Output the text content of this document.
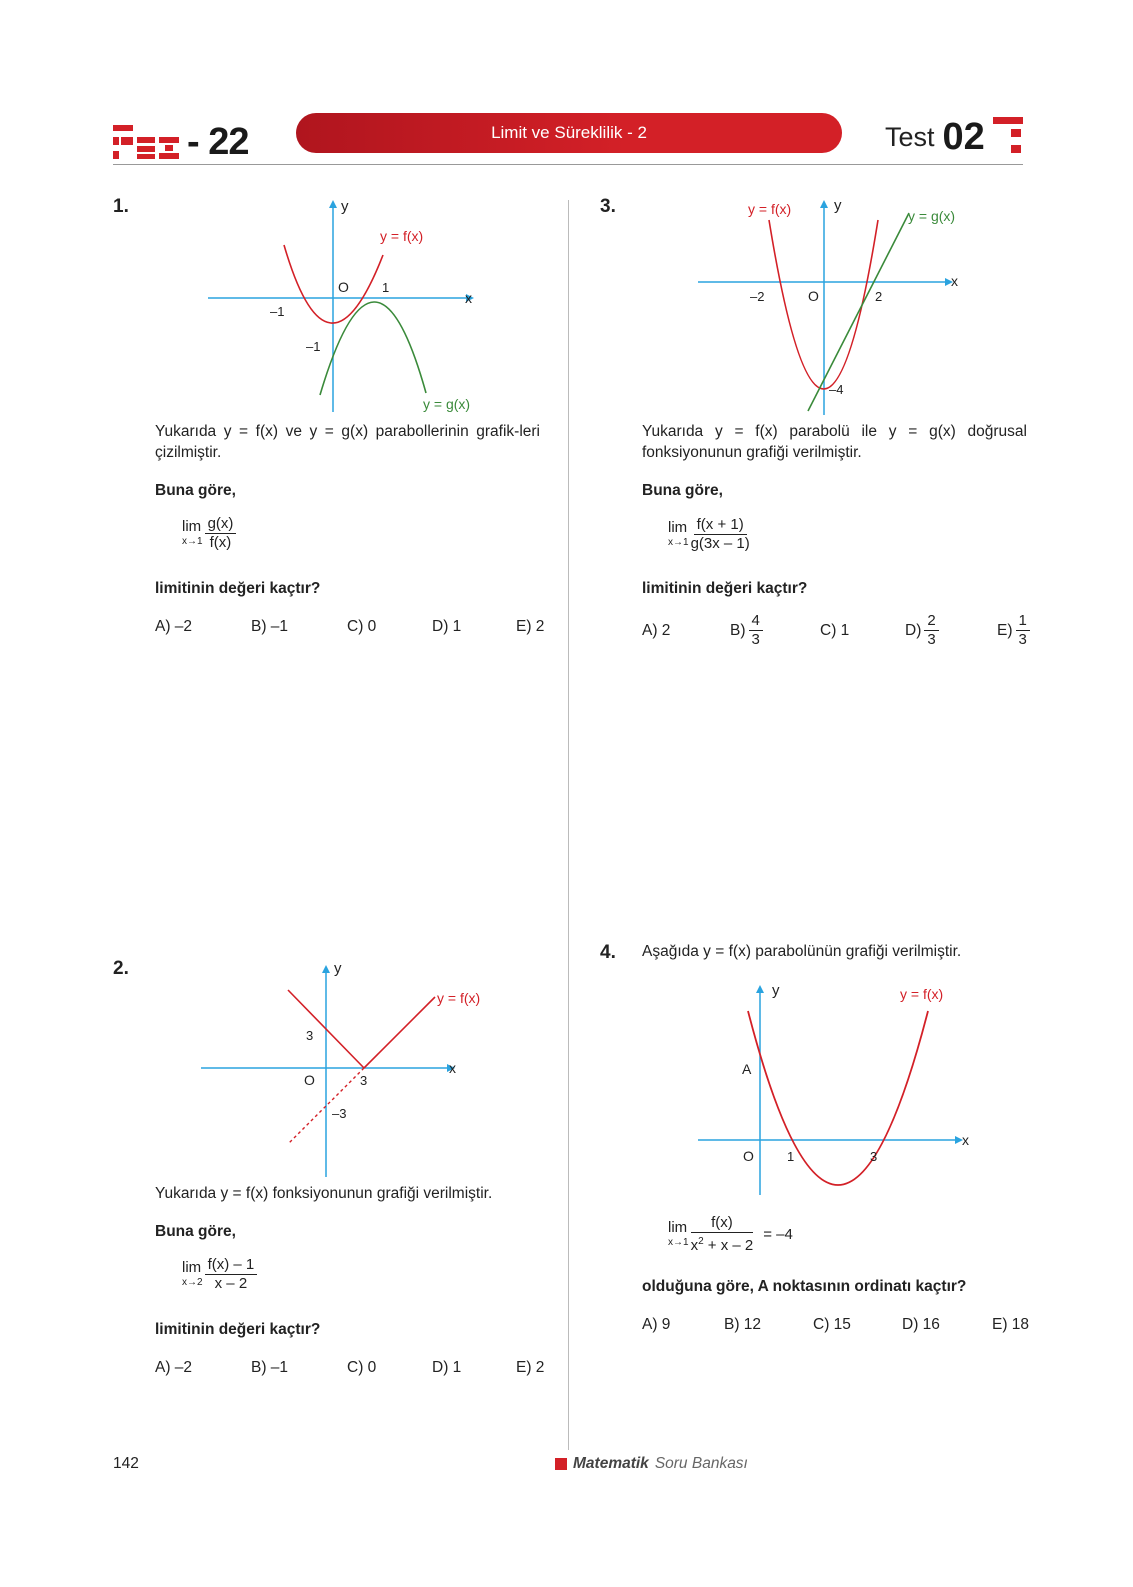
- 22	Limit ve Süreklilik - 2	Test 02
1.	y
x
O	1
–1
–1
y = f(x)
y = g(x)
Yukarıda y = f(x) ve y = g(x) parabollerinin grafik-leri çizilmiştir.
Buna göre,
lim
$x\to 1 \frac{g(x)}{f(x)}$
limitinin değeri kaçtır?
A) –2	B) –1	C) 0	D) 1	E) 2
2.	y
x
O	3
3
–3
y = f(x)
Yukarıda y = f(x) fonksiyonunun grafiği verilmiştir.
Buna göre,
lim
$x\to 2 \frac{f(x) - 1}{x - 2}$
limitinin değeri kaçtır?
A) –2	B) –1	C) 0	D) 1	E) 2
3.	y
x
O
–2	2
–4
y = f(x)	y = g(x)
Yukarıda y = f(x) parabolü ile y = g(x) doğrusal fonksiyonunun grafiği verilmiştir.
Buna göre,
lim
$x\to 1 \frac{f(x + 1)}{g(3x - 1)}$
limitinin değeri kaçtır?
A) 2	$B) \frac{4}{3}$	C) 1	$D) \frac{2}{3}$	$E) \frac{1}{3}$
4. Aşağıda y = f(x) parabolünün grafiği verilmiştir.
y
x
O	1	3
A
y = f(x)
lim
$x\to 1 \frac{f(x)}{x^2 + x - 2} = -4$
olduğuna göre, A noktasının ordinatı kaçtır?
A) 9	B) 12	C) 15	D) 16	E) 18
142	Matematik Soru Bankası
